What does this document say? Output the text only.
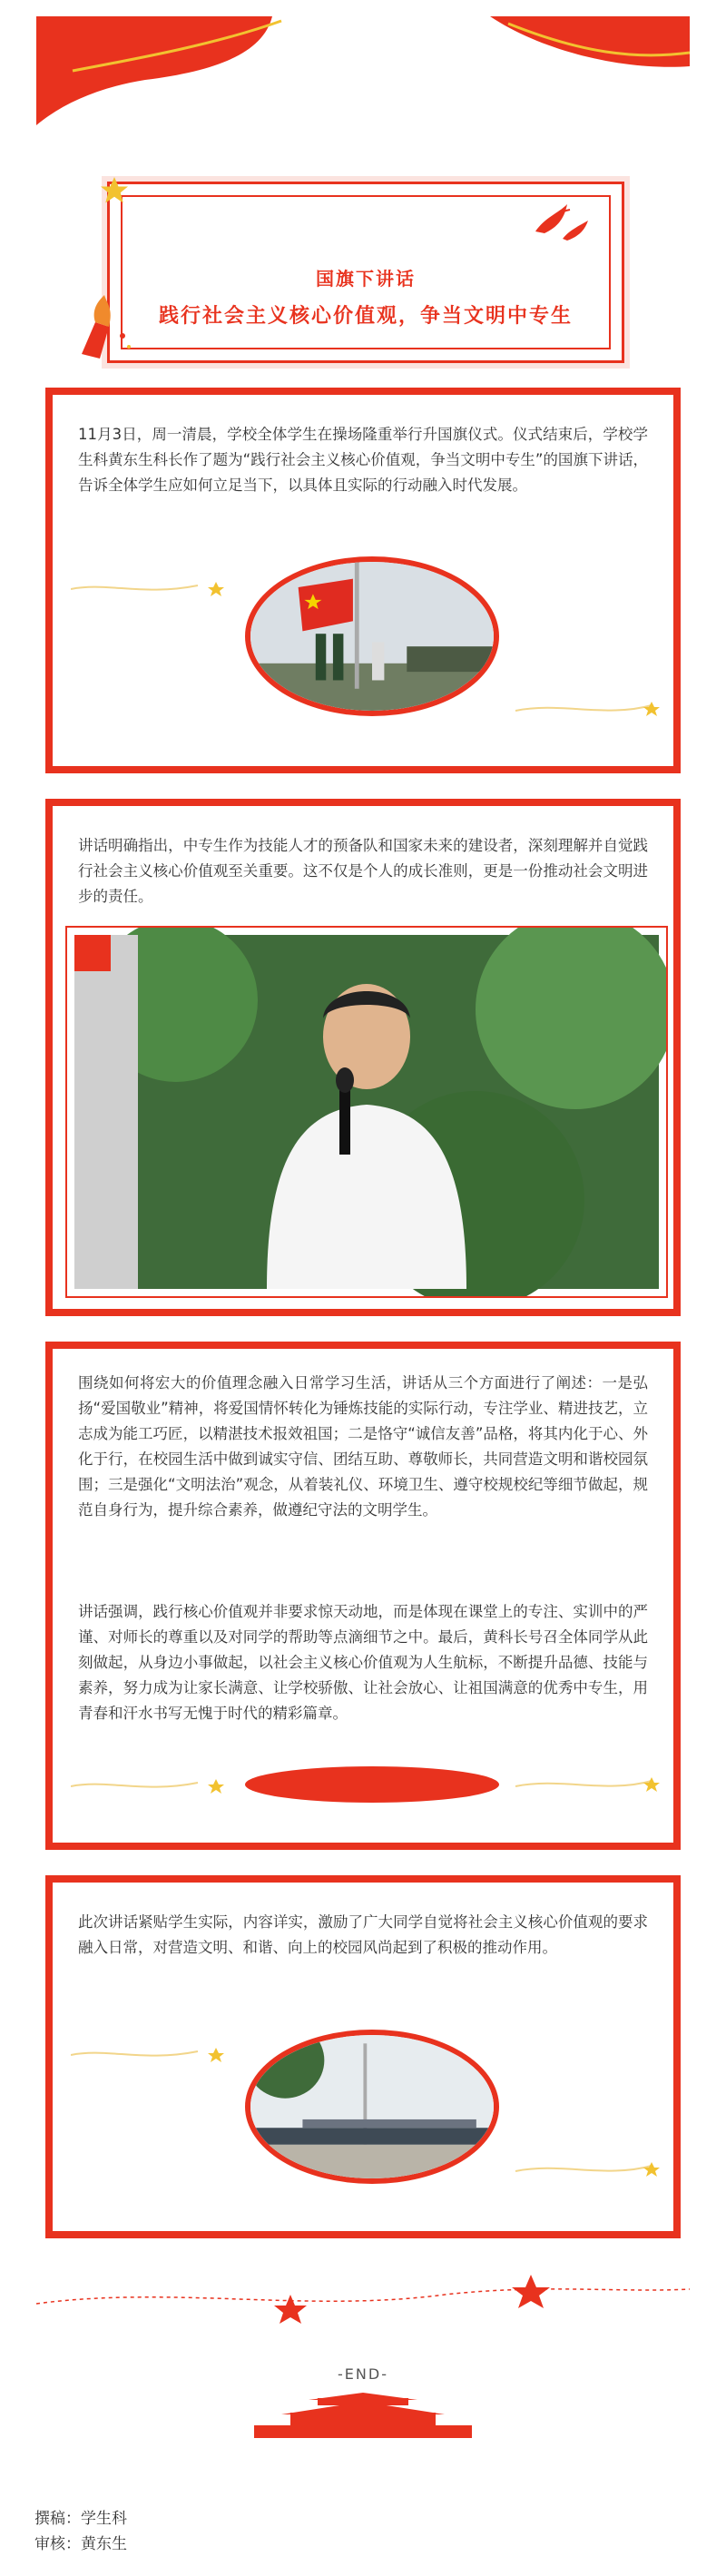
国旗下讲话
践行社会主义核心价值观，争当文明中专生
11月3日，周一清晨，学校全体学生在操场隆重举行升国旗仪式。仪式结束后，学校学生科黄东生科长作了题为“践行社会主义核心价值观，争当文明中专生”的国旗下讲话，告诉全体学生应如何立足当下，以具体且实际的行动融入时代发展。
讲话明确指出，中专生作为技能人才的预备队和国家未来的建设者，深刻理解并自觉践行社会主义核心价值观至关重要。这不仅是个人的成长准则，更是一份推动社会文明进步的责任。
围绕如何将宏大的价值理念融入日常学习生活，讲话从三个方面进行了阐述：一是弘扬“爱国敬业”精神，将爱国情怀转化为锤炼技能的实际行动，专注学业、精进技艺，立志成为能工巧匠，以精湛技术报效祖国；二是恪守“诚信友善”品格，将其内化于心、外化于行，在校园生活中做到诚实守信、团结互助、尊敬师长，共同营造文明和谐校园氛围；三是强化“文明法治”观念，从着装礼仪、环境卫生、遵守校规校纪等细节做起，规范自身行为，提升综合素养，做遵纪守法的文明学生。
讲话强调，践行核心价值观并非要求惊天动地，而是体现在课堂上的专注、实训中的严谨、对师长的尊重以及对同学的帮助等点滴细节之中。最后，黄科长号召全体同学从此刻做起，从身边小事做起，以社会主义核心价值观为人生航标，不断提升品德、技能与素养，努力成为让家长满意、让学校骄傲、让社会放心、让祖国满意的优秀中专生，用青春和汗水书写无愧于时代的精彩篇章。
此次讲话紧贴学生实际，内容详实，激励了广大同学自觉将社会主义核心价值观的要求融入日常，对营造文明、和谐、向上的校园风尚起到了积极的推动作用。
-END-
撰稿：学生科
审核：黄东生
